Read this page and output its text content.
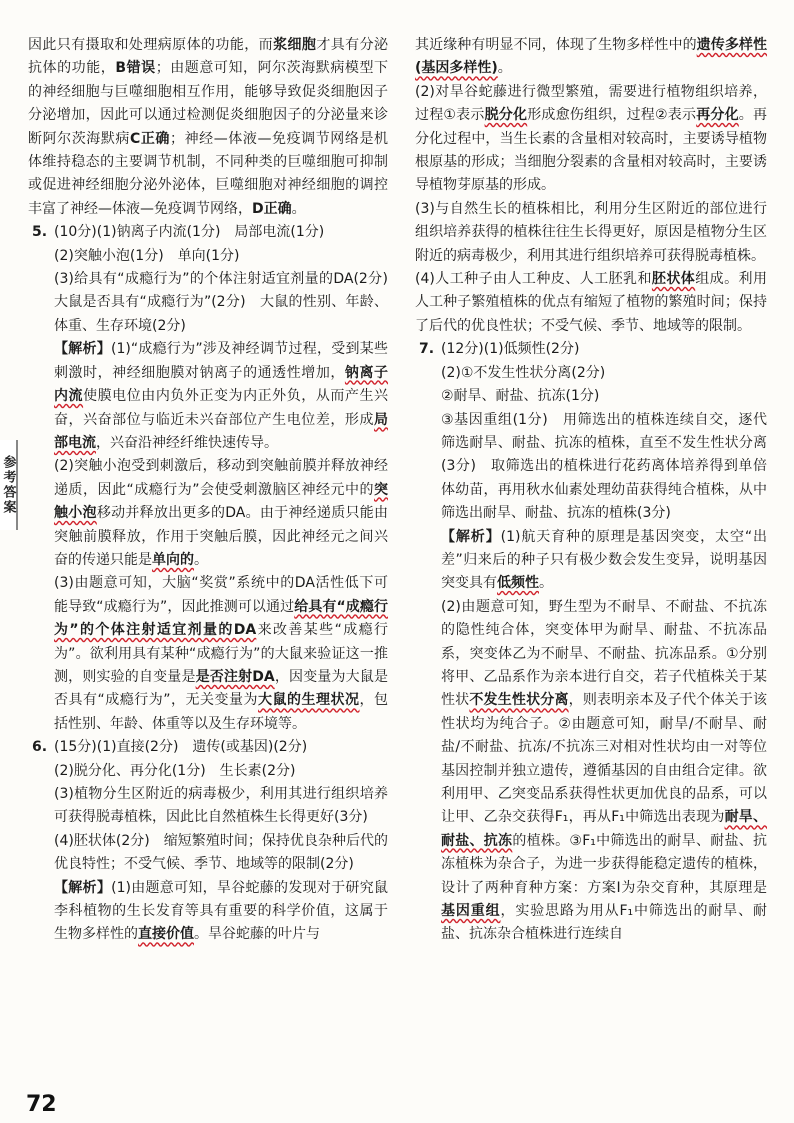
因此只有摄取和处理病原体的功能，而浆细胞才具有分泌抗体的功能，B错误；由题意可知，阿尔茨海默病模型下的神经细胞与巨噬细胞相互作用，能够导致促炎细胞因子分泌增加，因此可以通过检测促炎细胞因子的分泌量来诊断阿尔茨海默病C正确；神经—体液—免疫调节网络是机体维持稳态的主要调节机制，不同种类的巨噬细胞可抑制或促进神经细胞分泌外泌体，巨噬细胞对神经细胞的调控丰富了神经—体液—免疫调节网络，D正确。

5. (10分)(1)钠离子内流(1分)　局部电流(1分)

(2)突触小泡(1分)　单向(1分)

(3)给具有“成瘾行为”的个体注射适宜剂量的DA(2分)　大鼠是否具有“成瘾行为”(2分)　大鼠的性别、年龄、体重、生存环境(2分)

【解析】(1)“成瘾行为”涉及神经调节过程，受到某些刺激时，神经细胞膜对钠离子的通透性增加，钠离子内流使膜电位由内负外正变为内正外负，从而产生兴奋，兴奋部位与临近未兴奋部位产生电位差，形成局部电流，兴奋沿神经纤维快速传导。

(2)突触小泡受到刺激后，移动到突触前膜并释放神经递质，因此“成瘾行为”会使受刺激脑区神经元中的突触小泡移动并释放出更多的DA。由于神经递质只能由突触前膜释放，作用于突触后膜，因此神经元之间兴奋的传递只能是单向的。

(3)由题意可知，大脑“奖赏”系统中的DA活性低下可能导致“成瘾行为”，因此推测可以通过给具有“成瘾行为”的个体注射适宜剂量的DA来改善某些“成瘾行为”。欲利用具有某种“成瘾行为”的大鼠来验证这一推测，则实验的自变量是是否注射DA，因变量为大鼠是否具有“成瘾行为”，无关变量为大鼠的生理状况，包括性别、年龄、体重等以及生存环境等。

6. (15分)(1)直接(2分)　遗传(或基因)(2分)

(2)脱分化、再分化(1分)　生长素(2分)

(3)植物分生区附近的病毒极少，利用其进行组织培养可获得脱毒植株，因此比自然植株生长得更好(3分)

(4)胚状体(2分)　缩短繁殖时间；保持优良杂种后代的优良特性；不受气候、季节、地域等的限制(2分)

【解析】(1)由题意可知，旱谷蛇藤的发现对于研究鼠李科植物的生长发育等具有重要的科学价值，这属于生物多样性的直接价值。旱谷蛇藤的叶片与

其近缘种有明显不同，体现了生物多样性中的遗传多样性(基因多样性)。

(2)对旱谷蛇藤进行微型繁殖，需要进行植物组织培养，过程①表示脱分化形成愈伤组织，过程②表示再分化。再分化过程中，当生长素的含量相对较高时，主要诱导植物根原基的形成；当细胞分裂素的含量相对较高时，主要诱导植物芽原基的形成。

(3)与自然生长的植株相比，利用分生区附近的部位进行组织培养获得的植株往往生长得更好，原因是植物分生区附近的病毒极少，利用其进行组织培养可获得脱毒植株。

(4)人工种子由人工种皮、人工胚乳和胚状体组成。利用人工种子繁殖植株的优点有缩短了植物的繁殖时间；保持了后代的优良性状；不受气候、季节、地域等的限制。

7. (12分)(1)低频性(2分)

(2)①不发生性状分离(2分)

②耐旱、耐盐、抗冻(1分)

③基因重组(1分)　用筛选出的植株连续自交，逐代筛选耐旱、耐盐、抗冻的植株，直至不发生性状分离(3分)　取筛选出的植株进行花药离体培养得到单倍体幼苗，再用秋水仙素处理幼苗获得纯合植株，从中筛选出耐旱、耐盐、抗冻的植株(3分)

【解析】(1)航天育种的原理是基因突变，太空“出差”归来后的种子只有极少数会发生变异，说明基因突变具有低频性。

(2)由题意可知，野生型为不耐旱、不耐盐、不抗冻的隐性纯合体，突变体甲为耐旱、耐盐、不抗冻品系，突变体乙为不耐旱、不耐盐、抗冻品系。①分别将甲、乙品系作为亲本进行自交，若子代植株关于某性状不发生性状分离，则表明亲本及子代个体关于该性状均为纯合子。②由题意可知，耐旱/不耐旱、耐盐/不耐盐、抗冻/不抗冻三对相对性状均由一对等位基因控制并独立遗传，遵循基因的自由组合定律。欲利用甲、乙突变品系获得性状更加优良的品系，可以让甲、乙杂交获得F₁，再从F₁中筛选出表现为耐旱、耐盐、抗冻的植株。③F₁中筛选出的耐旱、耐盐、抗冻植株为杂合子，为进一步获得能稳定遗传的植株，设计了两种育种方案：方案Ⅰ为杂交育种，其原理是基因重组，实验思路为用从F₁中筛选出的耐旱、耐盐、抗冻杂合植株进行连续自

参考答案
72
